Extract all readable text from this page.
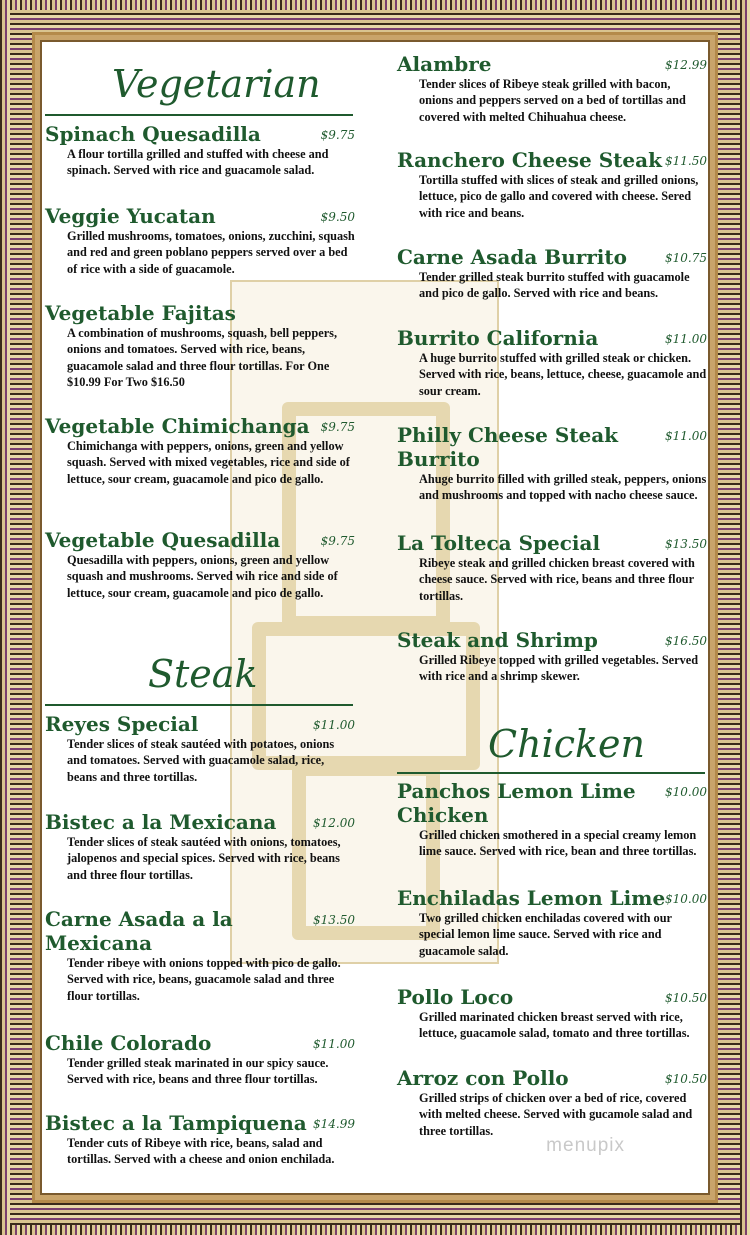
Vegetarian
Spinach Quesadilla	$9.75
A flour tortilla grilled and stuffed with cheese and spinach. Served with rice and guacamole salad.
Veggie Yucatan	$9.50
Grilled mushrooms, tomatoes, onions, zucchini, squash and red and green poblano peppers served over a bed of rice with a side of guacamole.
Vegetable Fajitas
A combination of mushrooms, squash, bell peppers, onions and tomatoes. Served with rice, beans, guacamole salad and three flour tortillas. For One $10.99 For Two $16.50
Vegetable Chimichanga $9.75
Chimichanga with peppers, onions, green and yellow squash. Served with mixed vegetables, rice and side of lettuce, sour cream, guacamole and pico de gallo.
Vegetable Quesadilla	$9.75
Quesadilla with peppers, onions, green and yellow squash and mushrooms. Served wih rice and side of lettuce, sour cream, guacamole and pico de gallo.
Steak
Reyes Special	$11.00
Tender slices of steak sautéed with potatoes, onions and tomatoes. Served with guacamole salad, rice, beans and three tortillas.
Bistec a la Mexicana	$12.00
Tender slices of steak sautéed with onions, tomatoes, jalopenos and special spices. Served with rice, beans and three flour tortillas.
Carne Asada a la
Mexicana
$13.50
Tender ribeye with onions topped with pico de gallo. Served with rice, beans, guacamole salad and three flour tortillas.
Chile Colorado	$11.00
Tender grilled steak marinated in our spicy sauce. Served with rice, beans and three flour tortillas.
Bistec a la Tampiquena $14.99
Tender cuts of Ribeye with rice, beans, salad and tortillas. Served with a cheese and onion enchilada.
Alambre	$12.99
Tender slices of Ribeye steak grilled with bacon, onions and peppers served on a bed of tortillas and covered with melted Chihuahua cheese.
Ranchero Cheese Steak $11.50
Tortilla stuffed with slices of steak and grilled onions, lettuce, pico de gallo and covered with cheese. Sered with rice and beans.
Carne Asada Burrito	$10.75
Tender grilled steak burrito stuffed with guacamole and pico de gallo. Served with rice and beans.
Burrito California	$11.00
A huge burrito stuffed with grilled steak or chicken. Served with rice, beans, lettuce, cheese, guacamole and sour cream.
Philly Cheese Steak
Burrito
$11.00
Ahuge burrito filled with grilled steak, peppers, onions and mushrooms and topped with nacho cheese sauce.
La Tolteca Special	$13.50
Ribeye steak and grilled chicken breast covered with cheese sauce. Served with rice, beans and three flour tortillas.
Steak and Shrimp	$16.50
Grilled Ribeye topped with grilled vegetables. Served with rice and a shrimp skewer.
Chicken
Panchos Lemon Lime
Chicken
$10.00
Grilled chicken smothered in a special creamy lemon lime sauce. Served with rice, bean and three tortillas.
Enchiladas Lemon Lime $10.00
Two grilled chicken enchiladas covered with our special lemon lime sauce. Served with rice and guacamole salad.
Pollo Loco	$10.50
Grilled marinated chicken breast served with rice, lettuce, guacamole salad, tomato and three tortillas.
Arroz con Pollo	$10.50
Grilled strips of chicken over a bed of rice, covered with melted cheese. Served with gucamole salad and three tortillas.
menupix
